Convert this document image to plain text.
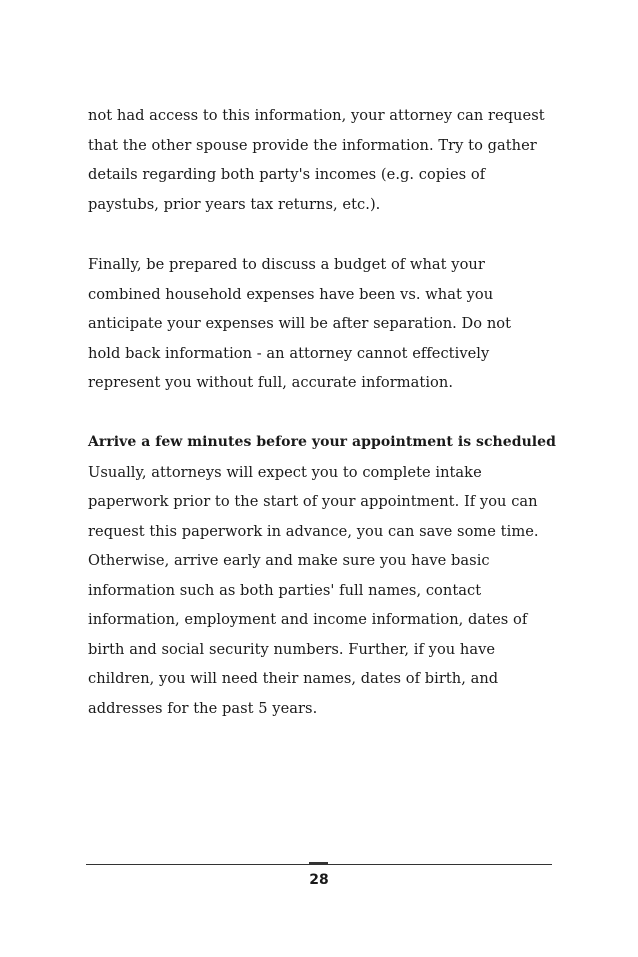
not had access to this information, your attorney can request
that the other spouse provide the information. Try to gather
details regarding both party's incomes (e.g. copies of
paystubs, prior years tax returns, etc.).
Finally, be prepared to discuss a budget of what your
combined household expenses have been vs. what you
anticipate your expenses will be after separation. Do not
hold back information - an attorney cannot effectively
represent you without full, accurate information.
Arrive a few minutes before your appointment is scheduled
Usually, attorneys will expect you to complete intake
paperwork prior to the start of your appointment. If you can
request this paperwork in advance, you can save some time.
Otherwise, arrive early and make sure you have basic
information such as both parties' full names, contact
information, employment and income information, dates of
birth and social security numbers. Further, if you have
children, you will need their names, dates of birth, and
addresses for the past 5 years.
28
